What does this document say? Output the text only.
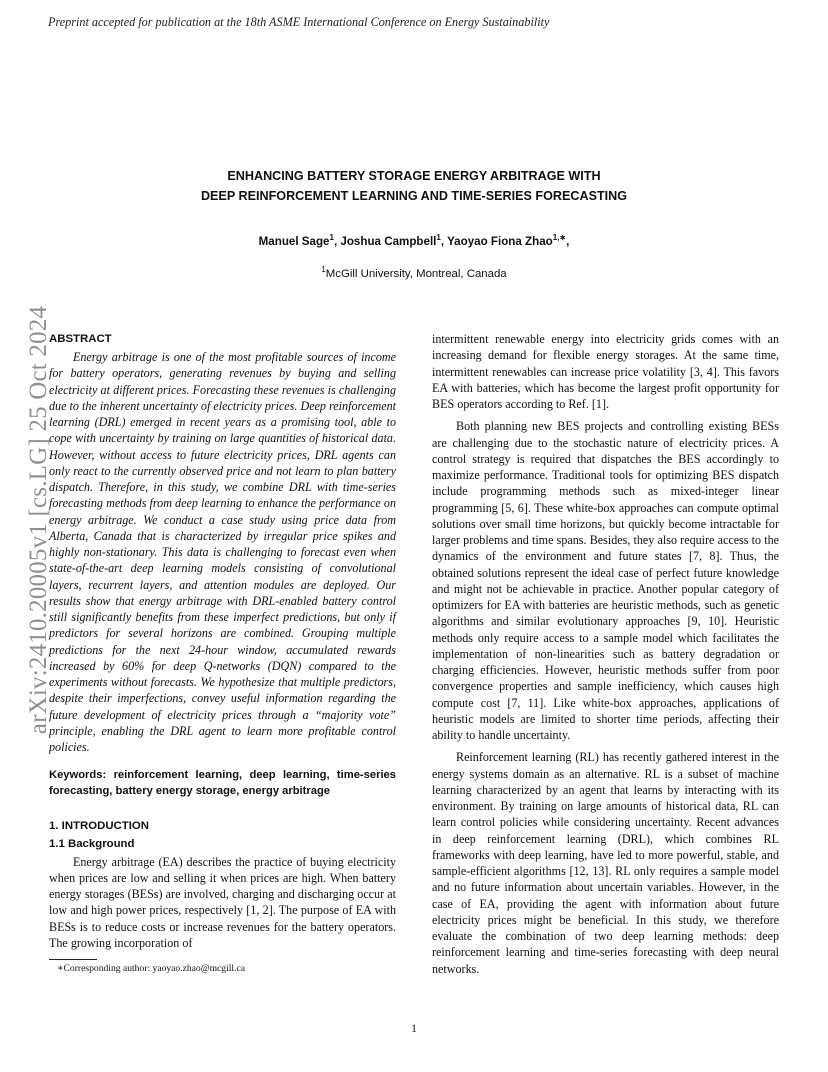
Preprint accepted for publication at the 18th ASME International Conference on Energy Sustainability
arXiv:2410.20005v1 [cs.LG] 25 Oct 2024
ENHANCING BATTERY STORAGE ENERGY ARBITRAGE WITH
DEEP REINFORCEMENT LEARNING AND TIME-SERIES FORECASTING
Manuel Sage$^1$, Joshua Campbell$^1$, Yaoyao Fiona Zhao$^{1,∗}$,
$^1$McGill University, Montreal, Canada
ABSTRACT

Energy arbitrage is one of the most profitable sources of income for battery operators, generating revenues by buying and selling electricity at different prices. Forecasting these revenues is challenging due to the inherent uncertainty of electricity prices. Deep reinforcement learning (DRL) emerged in recent years as a promising tool, able to cope with uncertainty by training on large quantities of historical data. However, without access to future electricity prices, DRL agents can only react to the currently observed price and not learn to plan battery dispatch. Therefore, in this study, we combine DRL with time-series forecasting methods from deep learning to enhance the performance on energy arbitrage. We conduct a case study using price data from Alberta, Canada that is characterized by irregular price spikes and highly non-stationary. This data is challenging to forecast even when state-of-the-art deep learning models consisting of convolutional layers, recurrent layers, and attention modules are deployed. Our results show that energy arbitrage with DRL-enabled battery control still significantly benefits from these imperfect predictions, but only if predictors for several horizons are combined. Grouping multiple predictions for the next 24-hour window, accumulated rewards increased by 60% for deep Q-networks (DQN) compared to the experiments without forecasts. We hypothesize that multiple predictors, despite their imperfections, convey useful information regarding the future development of electricity prices through a “majority vote” principle, enabling the DRL agent to learn more profitable control policies.

Keywords: reinforcement learning, deep learning, time-series forecasting, battery energy storage, energy arbitrage

1. INTRODUCTION
1.1 Background

Energy arbitrage (EA) describes the practice of buying electricity when prices are low and selling it when prices are high. When battery energy storages (BESs) are involved, charging and discharging occur at low and high power prices, respectively [1, 2]. The purpose of EA with BESs is to reduce costs or increase revenues for the battery operators. The growing incorporation of

∗Corresponding author: yaoyao.zhao@mcgill.ca

intermittent renewable energy into electricity grids comes with an increasing demand for flexible energy storages. At the same time, intermittent renewables can increase price volatility [3, 4]. This favors EA with batteries, which has become the largest profit opportunity for BES operators according to Ref. [1].

Both planning new BES projects and controlling existing BESs are challenging due to the stochastic nature of electricity prices. A control strategy is required that dispatches the BES accordingly to maximize performance. Traditional tools for optimizing BES dispatch include programming methods such as mixed-integer linear programming [5, 6]. These white-box approaches can compute optimal solutions over small time horizons, but quickly become intractable for larger problems and time spans. Besides, they also require access to the dynamics of the environment and future states [7, 8]. Thus, the obtained solutions represent the ideal case of perfect future knowledge and might not be achievable in practice. Another popular category of optimizers for EA with batteries are heuristic methods, such as genetic algorithms and similar evolutionary approaches [9, 10]. Heuristic methods only require access to a sample model which facilitates the implementation of non-linearities such as battery degradation or charging efficiencies. However, heuristic methods suffer from poor convergence properties and sample inefficiency, which causes high compute cost [7, 11]. Like white-box approaches, applications of heuristic models are limited to shorter time periods, affecting their ability to handle uncertainty.

Reinforcement learning (RL) has recently gathered interest in the energy systems domain as an alternative. RL is a subset of machine learning characterized by an agent that learns by interacting with its environment. By training on large amounts of historical data, RL can learn control policies while considering uncertainty. Recent advances in deep reinforcement learning (DRL), which combines RL frameworks with deep learning, have led to more powerful, stable, and sample-efficient algorithms [12, 13]. RL only requires a sample model and no future information about uncertain variables. However, in the case of EA, providing the agent with information about future electricity prices might be beneficial. In this study, we therefore evaluate the combination of two deep learning methods: deep reinforcement learning and time-series forecasting with deep neural networks.

1
